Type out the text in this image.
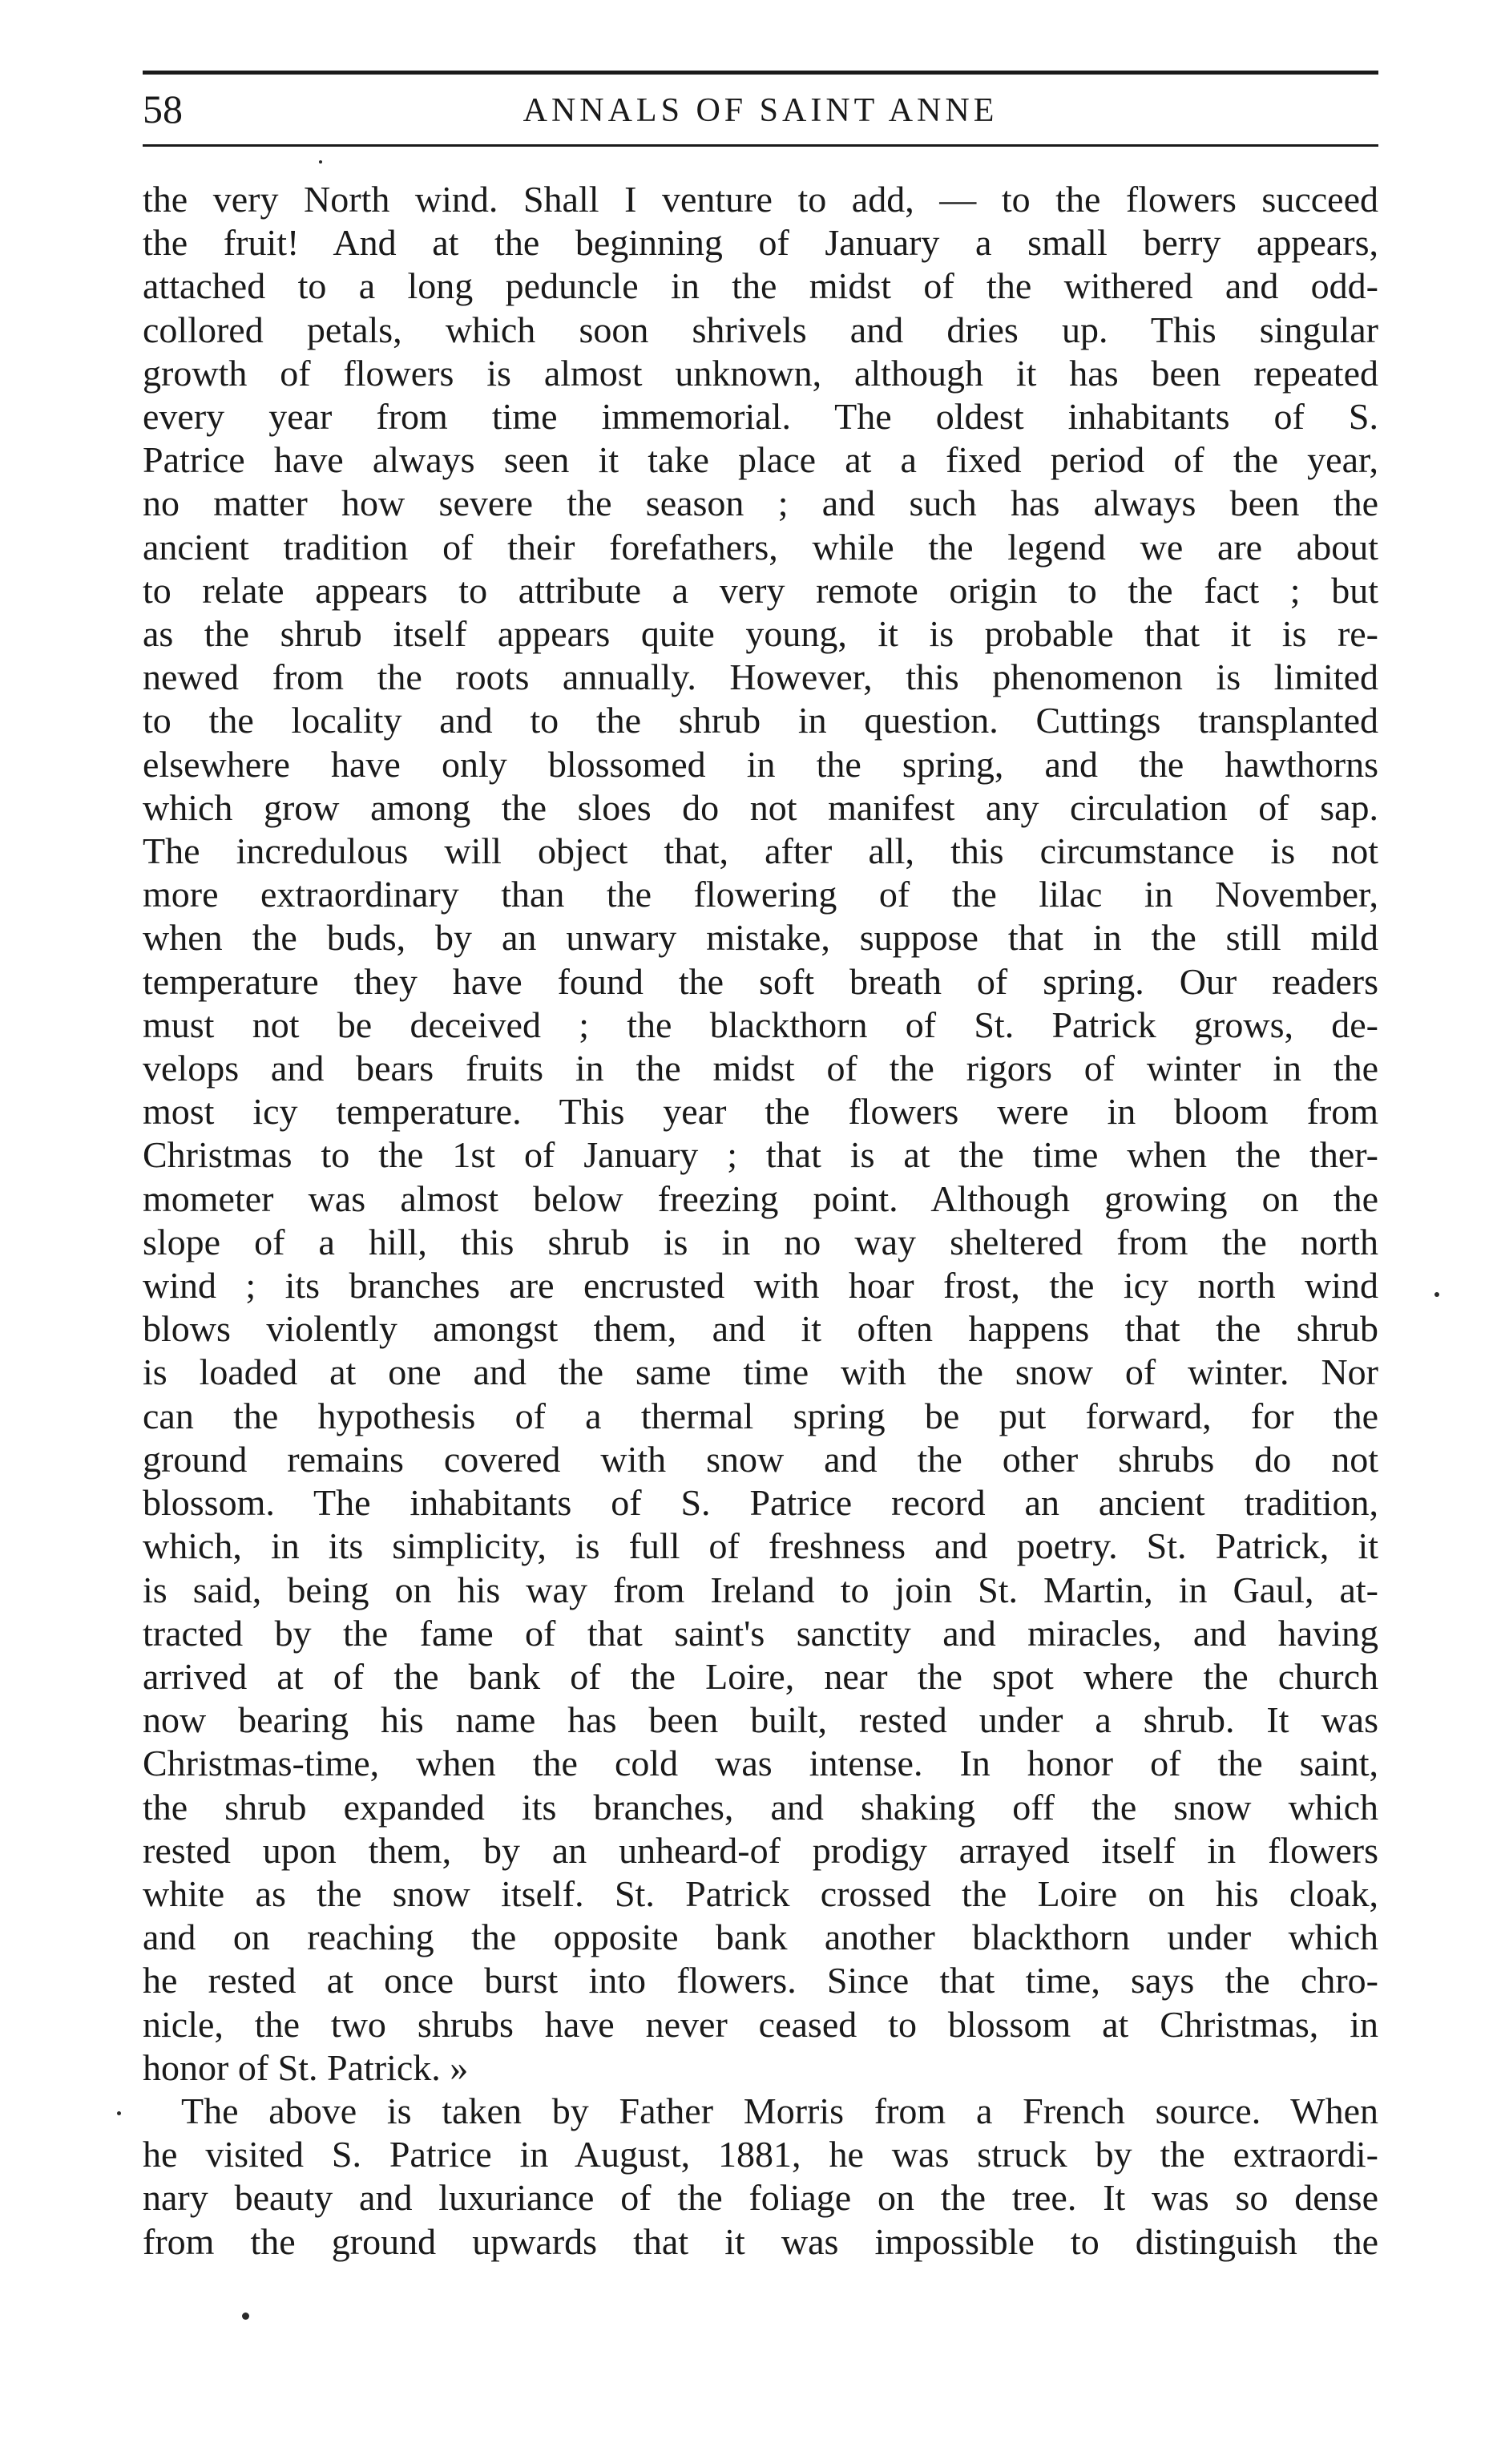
58	ANNALS OF SAINT ANNE

the very North wind. Shall I venture to add, — to the flowers succeed

the fruit! And at the beginning of January a small berry appears,

attached to a long peduncle in the midst of the withered and odd-

collored petals, which soon shrivels and dries up. This singular

growth of flowers is almost unknown, although it has been repeated

every year from time immemorial. The oldest inhabitants of S.

Patrice have always seen it take place at a fixed period of the year,

no matter how severe the season ; and such has always been the

ancient tradition of their forefathers, while the legend we are about

to relate appears to attribute a very remote origin to the fact ; but

as the shrub itself appears quite young, it is probable that it is re-

newed from the roots annually. However, this phenomenon is limited

to the locality and to the shrub in question. Cuttings transplanted

elsewhere have only blossomed in the spring, and the hawthorns

which grow among the sloes do not manifest any circulation of sap.

The incredulous will object that, after all, this circumstance is not

more extraordinary than the flowering of the lilac in November,

when the buds, by an unwary mistake, suppose that in the still mild

temperature they have found the soft breath of spring. Our readers

must not be deceived ; the blackthorn of St. Patrick grows, de-

velops and bears fruits in the midst of the rigors of winter in the

most icy temperature. This year the flowers were in bloom from

Christmas to the 1st of January ; that is at the time when the ther-

mometer was almost below freezing point. Although growing on the

slope of a hill, this shrub is in no way sheltered from the north

wind ; its branches are encrusted with hoar frost, the icy north wind

blows violently amongst them, and it often happens that the shrub

is loaded at one and the same time with the snow of winter. Nor

can the hypothesis of a thermal spring be put forward, for the

ground remains covered with snow and the other shrubs do not

blossom. The inhabitants of S. Patrice record an ancient tradition,

which, in its simplicity, is full of freshness and poetry. St. Patrick, it

is said, being on his way from Ireland to join St. Martin, in Gaul, at-

tracted by the fame of that saint's sanctity and miracles, and having

arrived at of the bank of the Loire, near the spot where the church

now bearing his name has been built, rested under a shrub. It was

Christmas-time, when the cold was intense. In honor of the saint,

the shrub expanded its branches, and shaking off the snow which

rested upon them, by an unheard-of prodigy arrayed itself in flowers

white as the snow itself. St. Patrick crossed the Loire on his cloak,

and on reaching the opposite bank another blackthorn under which

he rested at once burst into flowers. Since that time, says the chro-

nicle, the two shrubs have never ceased to blossom at Christmas, in

honor of St. Patrick. »

The above is taken by Father Morris from a French source. When

he visited S. Patrice in August, 1881, he was struck by the extraordi-

nary beauty and luxuriance of the foliage on the tree. It was so dense

from the ground upwards that it was impossible to distinguish the
